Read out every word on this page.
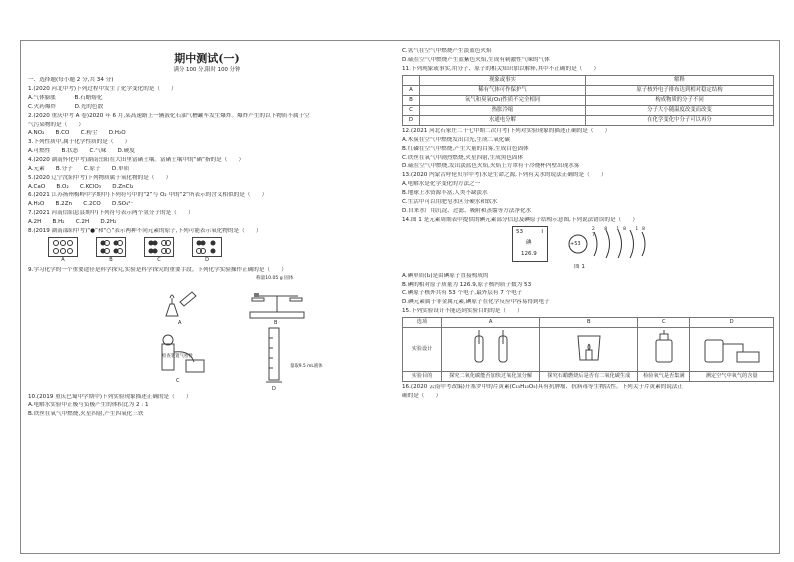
期中测试(一)
满分 100 分,限时 100 分钟
一、选择题(每小题 2 分,共 34 分)
1.(2020 河北中考)下列过程中发生了化学变化的是（　　）
A.气体膨胀　　　	B.石蜡熔化
C.火药爆炸　　　	D.光的色散
2.(2020 重庆中考 A 卷)2020 年 6 月,某高速路上一辆液化石油气槽罐车发生爆炸。爆炸产生的以下物质不属于空
气污染物的是（　　）
A.NO₂　　B.CO　　C.粉尘　　D.H₂O
3.下列性质中,属于化学性质的是（　　）
A.可燃性　　B.状态　　C.气味　　D.硬度
4.(2020 湖南怀化中考)湖南岳阳在大田里富硒土壤。富硒土壤中的“硒”指的是（　　）
A.元素　　B.分子　　C.原子　　D.单质
5.(2020 辽宁沈阳中考)下列物质属于氧化物的是（　　）
A.CaO　　B.O₂　　C.KClO₃　　D.ZnCl₂
6.(2021 江苏扬州梅岭中学期中)下列符号中的“2”与 O₂ 中的“2”所表示的含义相似的是（　　）
A.H₂O　　B.2Zn　　C.2CO　　D.SO₄²⁻
7.(2021 河南信阳息县期中)下列符号表示两个氢分子的是（　　）
A.2H　　B.H₂　　C.2H　　D.2H₂
8.(2019 湖南邵阳中考)“●”和“○”表示两种不同元素的原子,下列可能表示氧化物的是（　　）
A	B	C	D
9.学习化学的一个重要途径是科学探究,实验是科学探究的重要手段。下列化学实验操作正确的是（　　）
A
称量10.05 g 固体
B
检查装置气密性
C
量取9.5 mL液体
D
10.(2019 重庆巴蜀中学期中)下列实验现象描述正确的是（　　）
A.电解水实验中正极与负极产生的体积比为 2 : 1
B.铁丝在氧气中燃烧,火星四射,产生四氧化三铁
C.氢气在空气中燃烧产生淡蓝色火焰
D.硫在空气中燃烧产生蓝紫色火焰,生成有刺激性气味的气体
11.下列现象或事实,用分子、原子的相关知识加以解释,其中不正确的是（　　）
	现象或事实	解释
A	稀有气体可作保护气	原子核外电子排布达到相对稳定结构
B	氧气和臭氧(O₃)性质不完全相同	构成物质的分子不同
C	热胀冷缩	分子大小随温度改变而改变
D	水通电分解	在化学变化中分子可以再分
12.(2021 河北石家庄二十七中期二次月考)下列对实验现象的描述正确的是（　　）
A.木炭在空气中燃烧发出白光,生成二氧化碳
B.红磷在空气中燃烧,产生大量的白雾,生成白色固体
C.铁丝在氧气中剧烈燃烧,火星四射,生成黑色固体
D.硫在空气中燃烧,发出淡蓝色火焰,火焰上方罩有干冷烧杯内壁出现水雾
13.(2020 内蒙古呼伦贝尔中考)水是生命之源,下列有关水的说法正确的是（　　）
A.电解水是化学变化的方法之一
B.地球上水资源丰富,人类不缺淡水
C.生活中可以用肥皂水区分硬水和软水
D.自来水厂用沉淀、过滤、吸附和蒸馏等方法净化水
14.图 1 是元素周期表中提供的碘元素部分信息及碘原子结构示意图,下列说法错误的是（　　）
53	I
碘
126.9
+53
2 8 18 18 7
图 1
A.碘单质(I₂)是由碘原子直接构成的
B.碘的相对原子质量为 126.9,原子核内质子数为 53
C.碘原子核外共有 53 个电子,最外层有 7 个电子
D.碘元素属于非金属元素,碘原子在化学反应中容易得到电子
15.下列实验设计不能达到实验目的的是（　　）
选项	A	B	C	D
实验设计				
实验目的	探究二氧化碳能否加快过氧化氢分解	探究石蜡燃烧后是否有二氧化碳生成	检验氧气是否集满	测定空气中氧气的含量
16.(2020 云南中考改编)开塞罗中的芹黄素(C₁₅H₁₀O₅)具有抗肿瘤、抗病毒等生物活性。下列关于芹黄素的说法正
确的是（　　）
